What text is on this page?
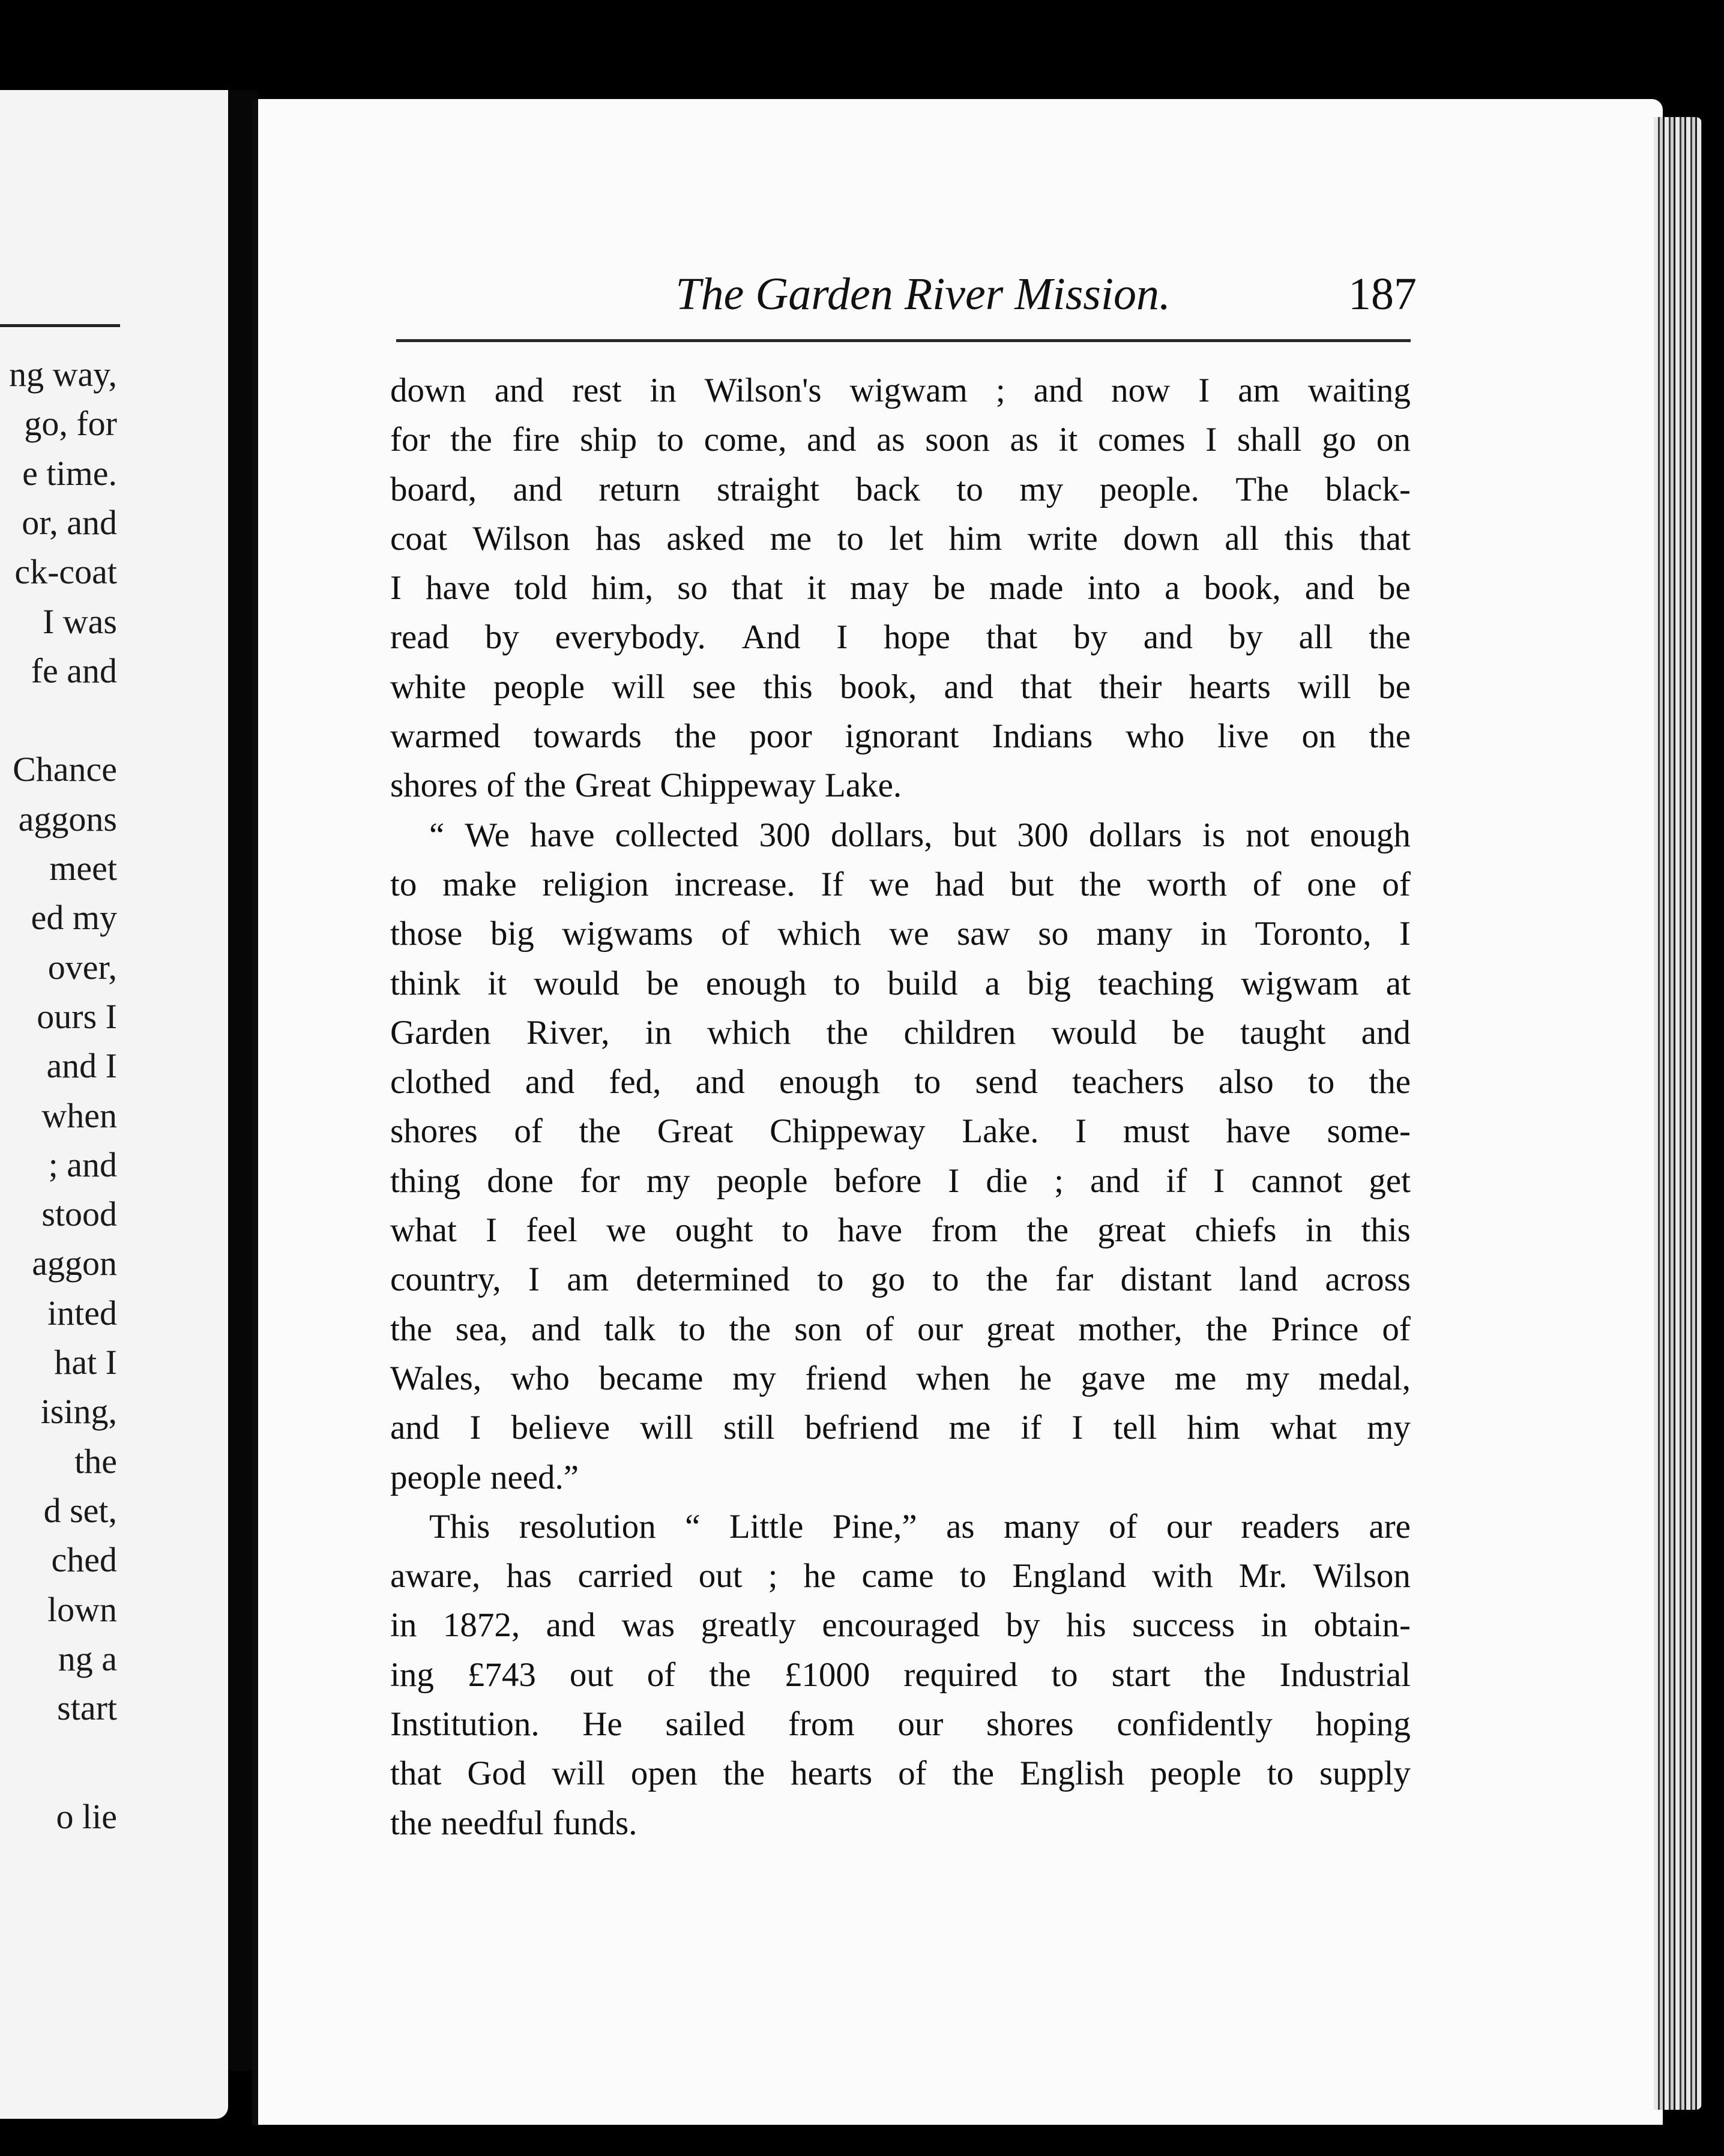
ng way,
go, for
e time.
or, and
ck-coat
I was
fe and
Chance
aggons
meet
ed my
over,
ours I
and I
when
; and
stood
aggon
inted
hat I
ising,
the
d set,
ched
lown
ng a
start
o lie
The Garden River Mission.	187
down and rest in Wilson's wigwam ; and now I am waiting
for the fire ship to come, and as soon as it comes I shall go on
board, and return straight back to my people. The black-
coat Wilson has asked me to let him write down all this that
I have told him, so that it may be made into a book, and be
read by everybody. And I hope that by and by all the
white people will see this book, and that their hearts will be
warmed towards the poor ignorant Indians who live on the
shores of the Great Chippeway Lake.
“ We have collected 300 dollars, but 300 dollars is not enough
to make religion increase. If we had but the worth of one of
those big wigwams of which we saw so many in Toronto, I
think it would be enough to build a big teaching wigwam at
Garden River, in which the children would be taught and
clothed and fed, and enough to send teachers also to the
shores of the Great Chippeway Lake. I must have some-
thing done for my people before I die ; and if I cannot get
what I feel we ought to have from the great chiefs in this
country, I am determined to go to the far distant land across
the sea, and talk to the son of our great mother, the Prince of
Wales, who became my friend when he gave me my medal,
and I believe will still befriend me if I tell him what my
people need.”
This resolution “ Little Pine,” as many of our readers are
aware, has carried out ; he came to England with Mr. Wilson
in 1872, and was greatly encouraged by his success in obtain-
ing £743 out of the £1000 required to start the Industrial
Institution. He sailed from our shores confidently hoping
that God will open the hearts of the English people to supply
the needful funds.
